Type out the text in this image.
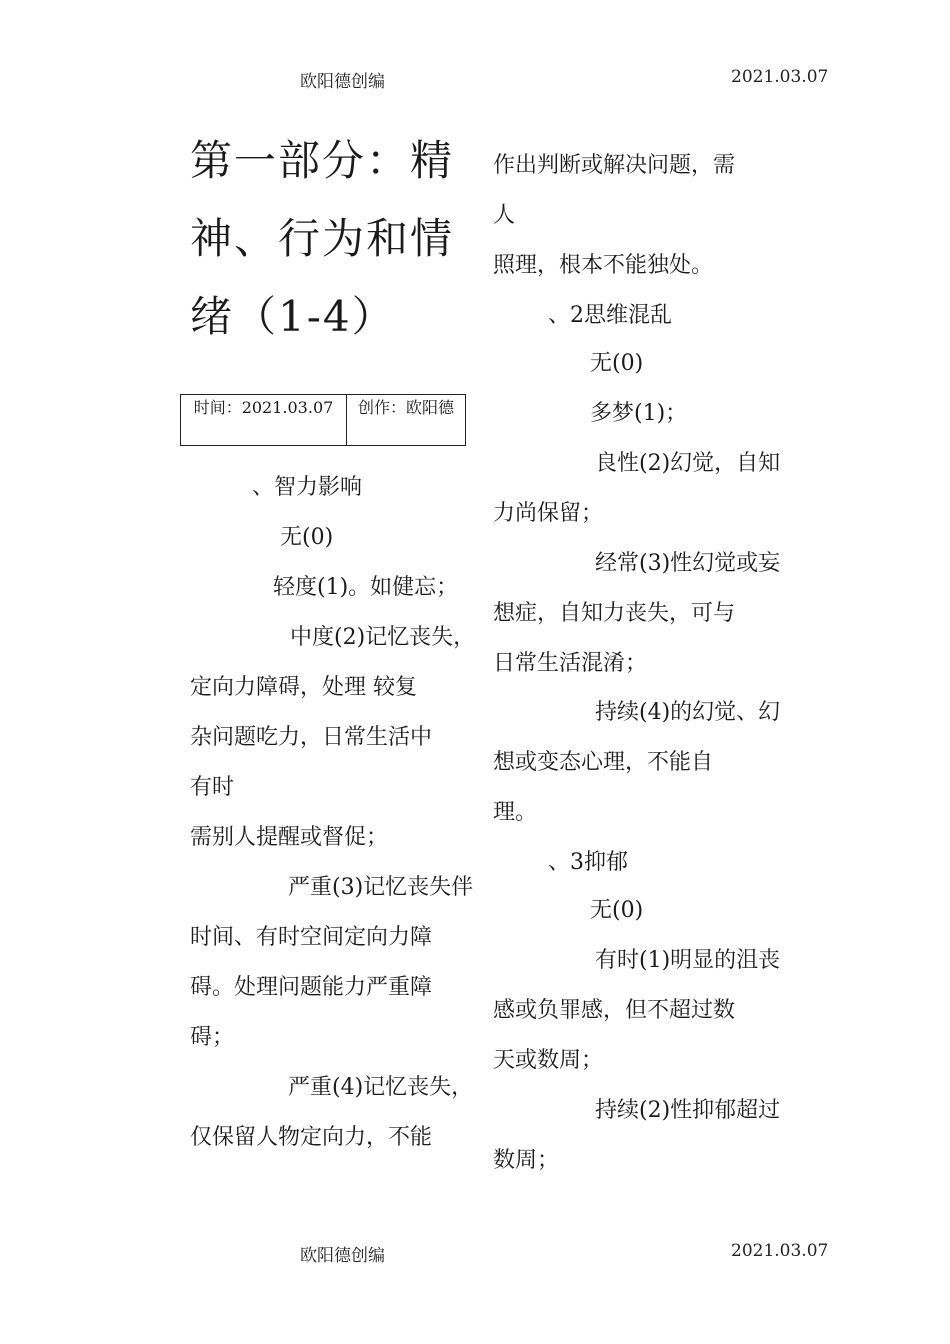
欧阳德创编	2021.03.07
第一部分：精神、行为和情绪（1-4）
时间：2021.03.07	创作：欧阳德
、智力影响
无(0)
轻度(1)。如健忘；
中度(2)记忆丧失，
定向力障碍，处理 较复
杂问题吃力，日常生活中
有时
需别人提醒或督促；
严重(3)记忆丧失伴
时间、有时空间定向力障
碍。处理问题能力严重障
碍；
严重(4)记忆丧失，
仅保留人物定向力，不能
作出判断或解决问题，需
人
照理，根本不能独处。
、2思维混乱
无(0)
多梦(1)；
良性(2)幻觉，自知
力尚保留；
经常(3)性幻觉或妄
想症，自知力丧失，可与
日常生活混淆；
持续(4)的幻觉、幻
想或变态心理，不能自
理。
、3抑郁
无(0)
有时(1)明显的沮丧
感或负罪感，但不超过数
天或数周；
持续(2)性抑郁超过
数周；
欧阳德创编	2021.03.07
